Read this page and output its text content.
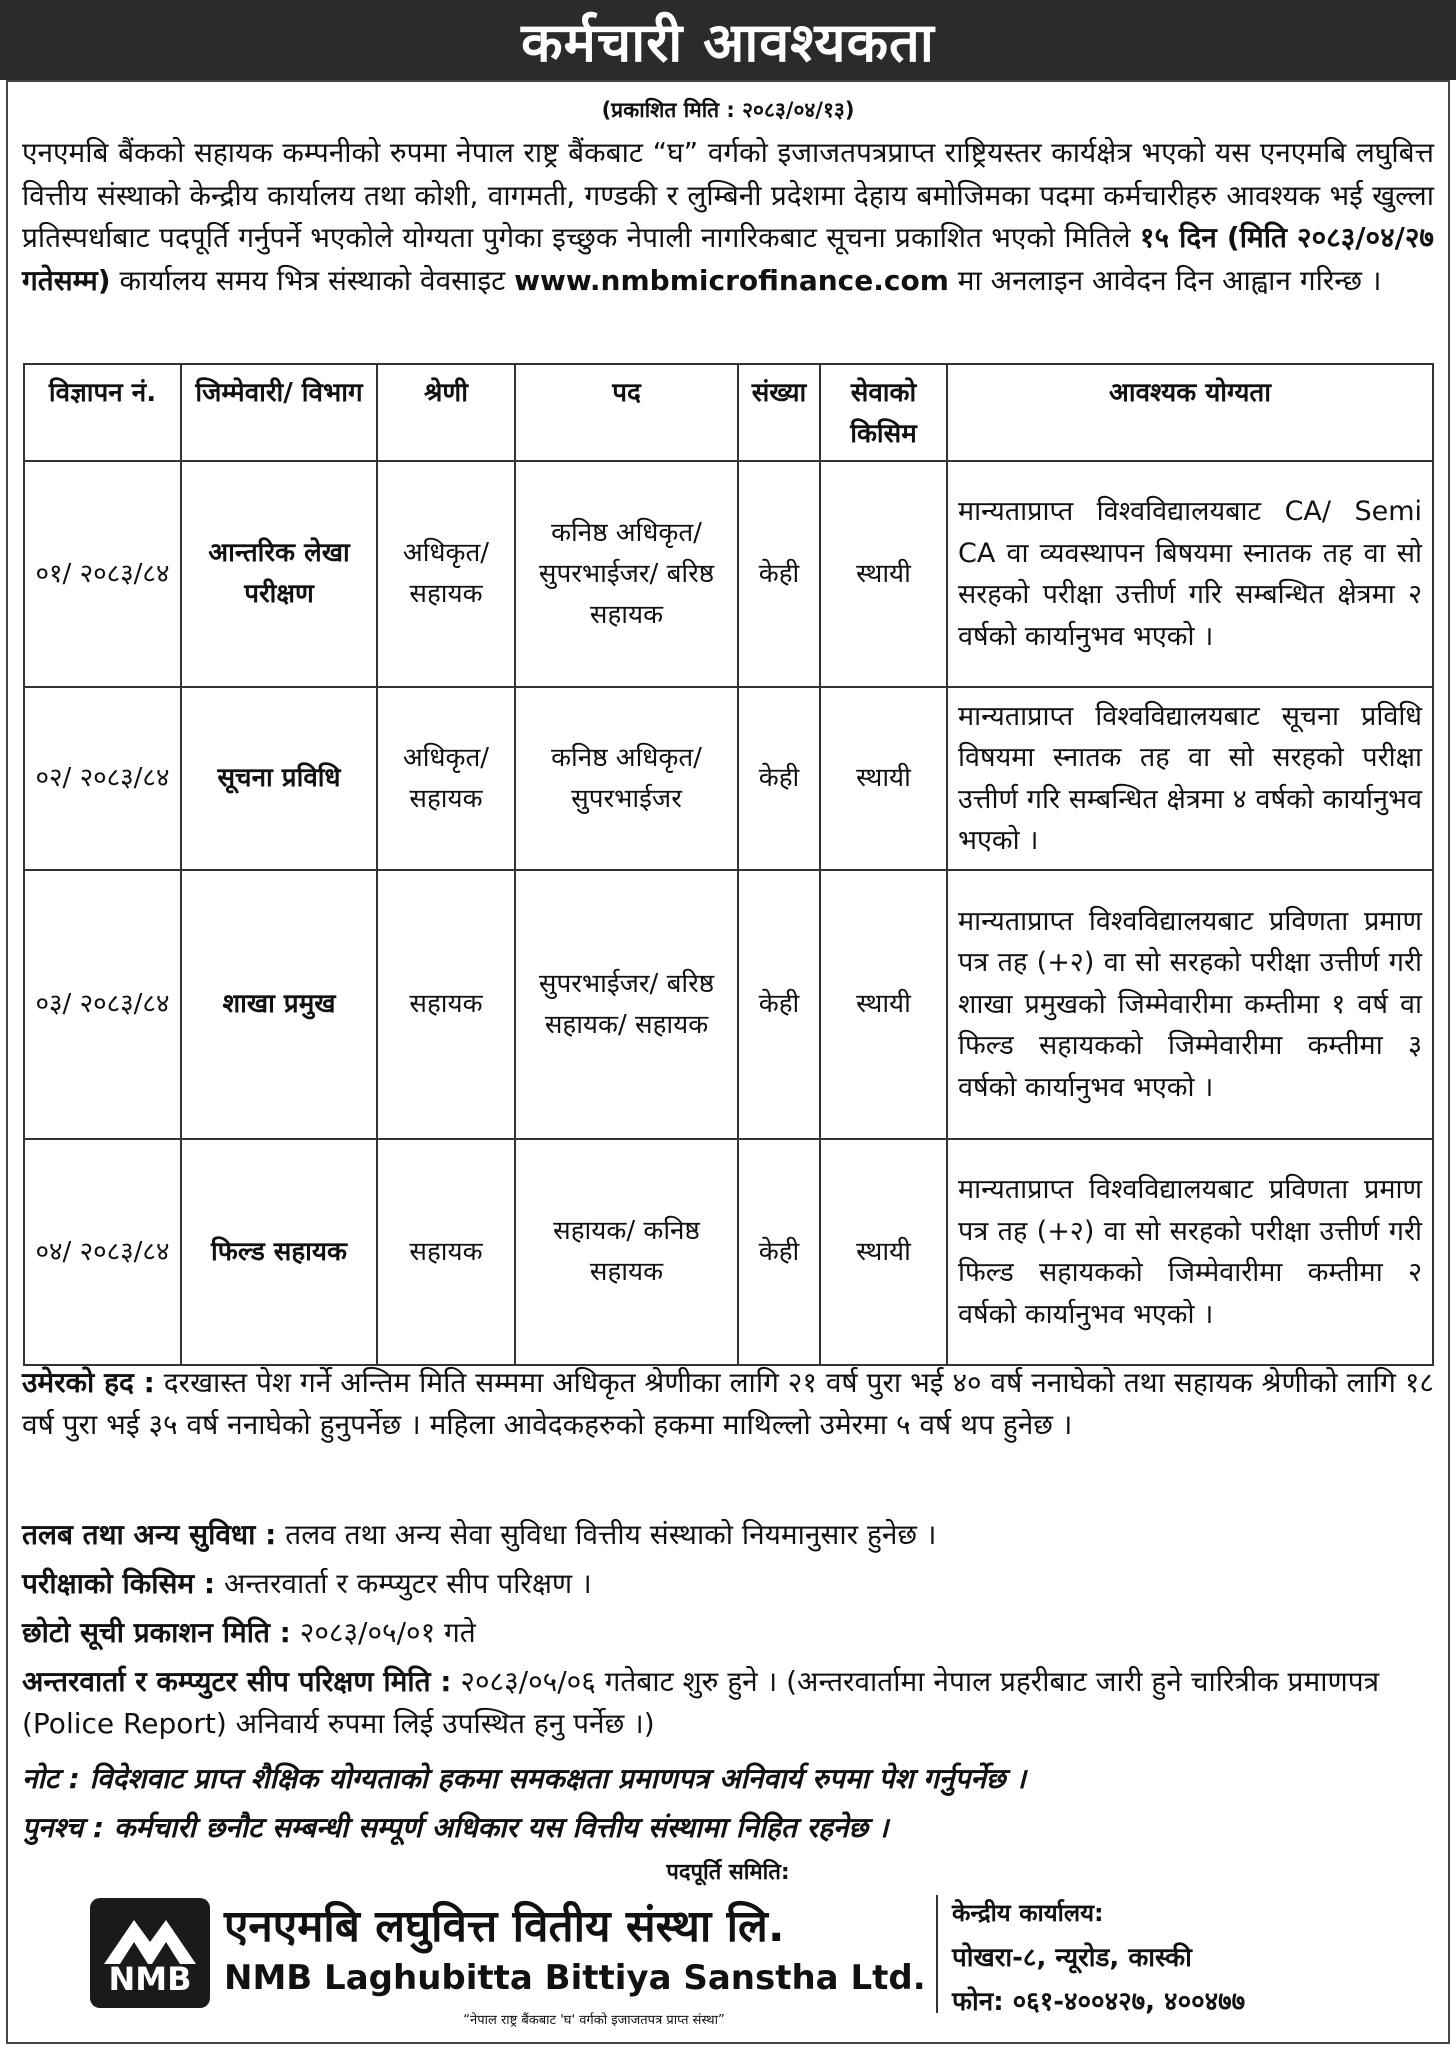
कर्मचारी आवश्यकता
(प्रकाशित मिति : २०८३/०४/१३)
एनएमबि बैंकको सहायक कम्पनीको रुपमा नेपाल राष्ट्र बैंकबाट “घ” वर्गको इजाजतपत्रप्राप्त राष्ट्रियस्तर कार्यक्षेत्र भएको यस एनएमबि लघुबित्त वित्तीय संस्थाको केन्द्रीय कार्यालय तथा कोशी, वागमती, गण्डकी र लुम्बिनी प्रदेशमा देहाय बमोजिमका पदमा कर्मचारीहरु आवश्यक भई खुल्ला प्रतिस्पर्धाबाट पदपूर्ति गर्नुपर्ने भएकोले योग्यता पुगेका इच्छुक नेपाली नागरिकबाट सूचना प्रकाशित भएको मितिले १५ दिन (मिति २०८३/०४/२७ गतेसम्म) कार्यालय समय भित्र संस्थाको वेवसाइट www.nmbmicrofinance.com मा अनलाइन आवेदन दिन आह्वान गरिन्छ ।
विज्ञापन नं.	जिम्मेवारी/ विभाग	श्रेणी	पद	संख्या	सेवाको किसिम	आवश्यक योग्यता
०१/ २०८३/८४	आन्तरिक लेखा परीक्षण	अधिकृत/ सहायक	कनिष्ठ अधिकृत/ सुपरभाईजर/ बरिष्ठ सहायक	केही	स्थायी	मान्यताप्राप्त विश्वविद्यालयबाट CA/ Semi CA वा व्यवस्थापन बिषयमा स्नातक तह वा सो सरहको परीक्षा उत्तीर्ण गरि सम्बन्धित क्षेत्रमा २ वर्षको कार्यानुभव भएको ।
०२/ २०८३/८४	सूचना प्रविधि	अधिकृत/ सहायक	कनिष्ठ अधिकृत/ सुपरभाईजर	केही	स्थायी	मान्यताप्राप्त विश्वविद्यालयबाट सूचना प्रविधि विषयमा स्नातक तह वा सो सरहको परीक्षा उत्तीर्ण गरि सम्बन्धित क्षेत्रमा ४ वर्षको कार्यानुभव भएको ।
०३/ २०८३/८४	शाखा प्रमुख	सहायक	सुपरभाईजर/ बरिष्ठ सहायक/ सहायक	केही	स्थायी	मान्यताप्राप्त विश्वविद्यालयबाट प्रविणता प्रमाण पत्र तह (+२) वा सो सरहको परीक्षा उत्तीर्ण गरी शाखा प्रमुखको जिम्मेवारीमा कम्तीमा १ वर्ष वा फिल्ड सहायकको जिम्मेवारीमा कम्तीमा ३ वर्षको कार्यानुभव भएको ।
०४/ २०८३/८४	फिल्ड सहायक	सहायक	सहायक/ कनिष्ठ सहायक	केही	स्थायी	मान्यताप्राप्त विश्वविद्यालयबाट प्रविणता प्रमाण पत्र तह (+२) वा सो सरहको परीक्षा उत्तीर्ण गरी फिल्ड सहायकको जिम्मेवारीमा कम्तीमा २ वर्षको कार्यानुभव भएको ।
उमेरको हद : दरखास्त पेश गर्ने अन्तिम मिति सम्ममा अधिकृत श्रेणीका लागि २१ वर्ष पुरा भई ४० वर्ष ननाघेको तथा सहायक श्रेणीको लागि १८ वर्ष पुरा भई ३५ वर्ष ननाघेको हुनुपर्नेछ । महिला आवेदकहरुको हकमा माथिल्लो उमेरमा ५ वर्ष थप हुनेछ ।
तलब तथा अन्य सुविधा : तलव तथा अन्य सेवा सुविधा वित्तीय संस्थाको नियमानुसार हुनेछ ।
परीक्षाको किसिम : अन्तरवार्ता र कम्प्युटर सीप परिक्षण ।
छोटो सूची प्रकाशन मिति : २०८३/०५/०१ गते
अन्तरवार्ता र कम्प्युटर सीप परिक्षण मिति : २०८३/०५/०६ गतेबाट शुरु हुने । (अन्तरवार्तामा नेपाल प्रहरीबाट जारी हुने चारित्रीक प्रमाणपत्र (Police Report) अनिवार्य रुपमा लिई उपस्थित हनु पर्नेछ ।)
नोट : विदेशवाट प्राप्त शैक्षिक योग्यताको हकमा समकक्षता प्रमाणपत्र अनिवार्य रुपमा पेश गर्नुपर्नेछ ।
पुनश्च : कर्मचारी छनौट सम्बन्धी सम्पूर्ण अधिकार यस वित्तीय संस्थामा निहित रहनेछ ।
पदपूर्ति समिति:
NMB
एनएमबि लघुवित्त वितीय संस्था लि.
NMB Laghubitta Bittiya Sanstha Ltd.
“नेपाल राष्ट्र बैंकबाट 'घ' वर्गको इजाजतपत्र प्राप्त संस्था”
केन्द्रीय कार्यालय:
पोखरा-८, न्यूरोड, कास्की
फोन: ०६१-४००४२७, ४००४७७
